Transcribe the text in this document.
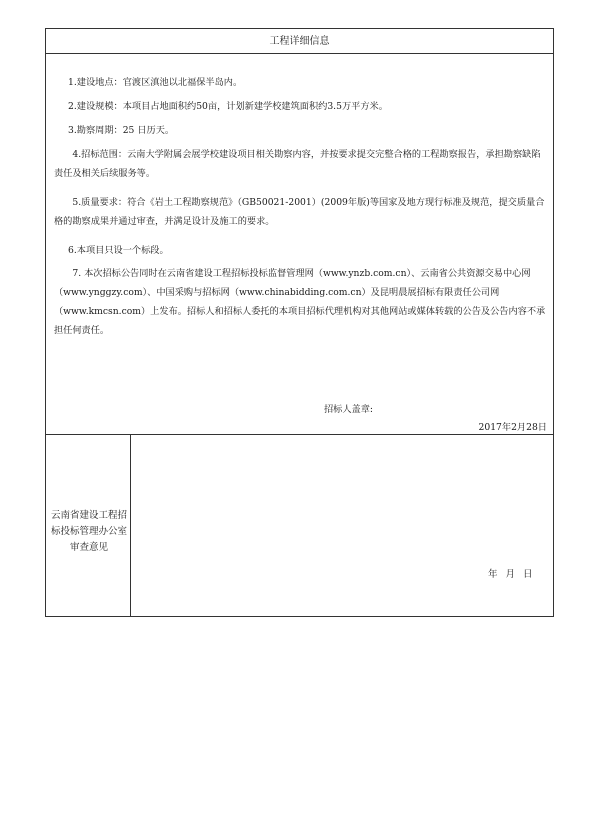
工程详细信息
1.建设地点：官渡区滇池以北福保半岛内。
2.建设规模：本项目占地面积约50亩，计划新建学校建筑面积约3.5万平方米。
3.勘察周期：25 日历天。
4.招标范围：云南大学附属会展学校建设项目相关勘察内容，并按要求提交完整合格的工程勘察报告，承担勘察缺陷责任及相关后续服务等。
5.质量要求：符合《岩土工程勘察规范》（GB50021-2001）(2009年版)等国家及地方现行标准及规范，提交质量合格的勘察成果并通过审查，并满足设计及施工的要求。
6.本项目只设一个标段。
7. 本次招标公告同时在云南省建设工程招标投标监督管理网（www.ynzb.com.cn）、云南省公共资源交易中心网（www.ynggzy.com）、中国采购与招标网（www.chinabidding.com.cn）及昆明晨展招标有限责任公司网（www.kmcsn.com）上发布。招标人和招标人委托的本项目招标代理机构对其他网站或媒体转载的公告及公告内容不承担任何责任。
招标人盖章:
2017年2月28日
云南省建设工程招标投标管理办公室审查意见
年 月 日
